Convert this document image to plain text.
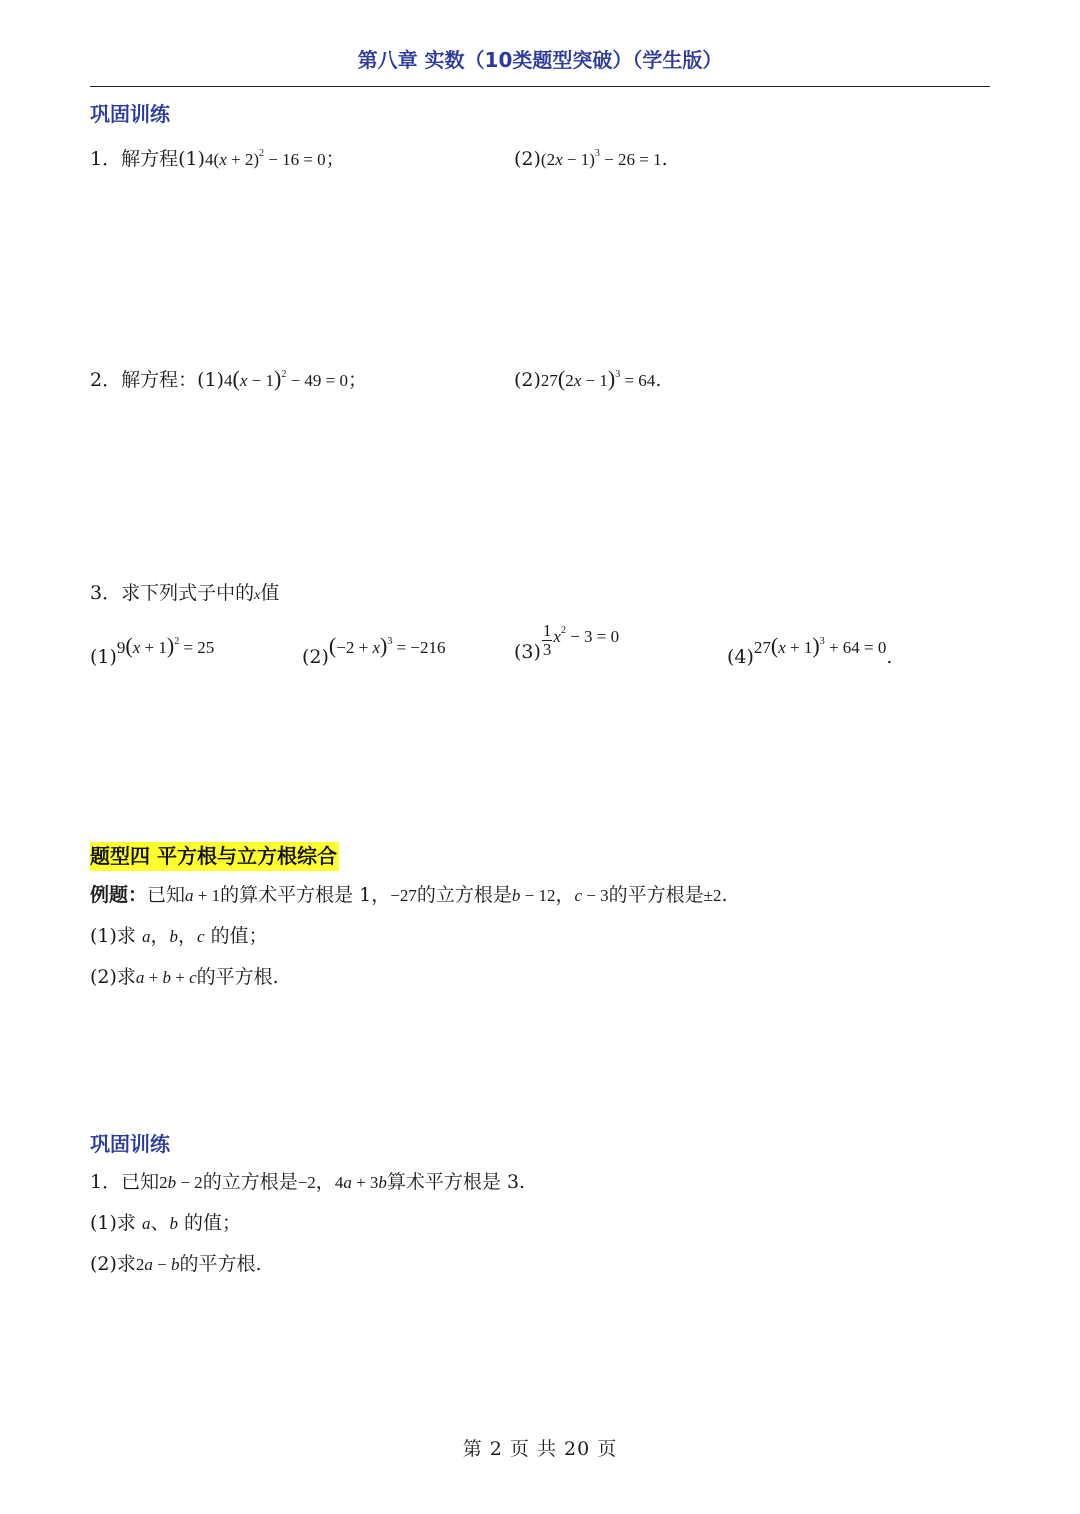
第八章 实数（10类题型突破）（学生版）
巩固训练
1．解方程$(1)4(x + 2)^2 - 16 = 0$；	$(2)(2x - 1)^3 - 26 = 1$.
2．解方程：$(1)4(x - 1)^2 - 49 = 0$；	$(2)27(2x - 1)^3 = 64$.
3．求下列式子中的x值
$(1)9(x + 1)^2 = 25$	$(2)(-2 + x)^3 = -216$	$(3) \frac{1}{3} x^2 - 3 = 0$
$(4)27(x + 1)^3 + 64 = 0$.
题型四 平方根与立方根综合
例题：已知a + 1的算术平方根是 1，−27的立方根是b − 12，c − 3的平方根是±2.
(1)求 a，b，c 的值；
(2)求a + b + c的平方根.
巩固训练
1．已知2b − 2的立方根是−2，4a + 3b算术平方根是 3.
(1)求 a、b 的值；
(2)求2a − b的平方根.
第 2 页 共 20 页
